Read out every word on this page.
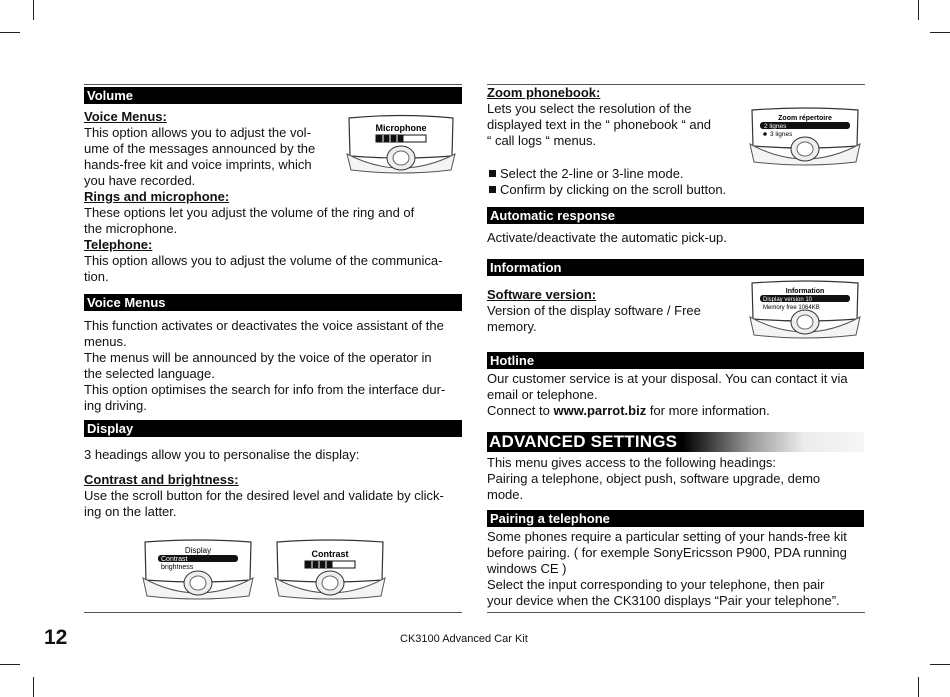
Volume

Voice Menus:

This option allows you to adjust the vol-

ume of the messages announced by the

hands-free kit and voice imprints, which

you have recorded.

Microphone

Rings and microphone:

These options let you adjust the volume of the ring and of

the microphone.

Telephone:

This option allows you to adjust the volume of the communica-

tion.

Voice Menus

This function activates or deactivates the voice assistant of the

menus.

The menus will be announced by the voice of the operator in

the selected language.

This option optimises the search for info from the interface dur-

ing driving.

Display

3 headings allow you to personalise the display:

Contrast and brightness:

Use the scroll button for the desired level and validate by click-

ing on the latter.

Display
Contrast
brightness
Contrast

Zoom phonebook:

Lets you select the resolution of the

displayed text in the “ phonebook “ and

“ call logs “ menus.

Zoom répertoire
2 lignes
3 lignes
Select the 2-line or 3-line mode.
Confirm by clicking on the scroll button.
Automatic response

Activate/deactivate the automatic pick-up.

Information

Software version:

Version of the display software / Free

memory.

Information
Display version 10
Memory free 1064KB
Hotline

Our customer service is at your disposal. You can contact it via

email or telephone.

Connect to www.parrot.biz for more information.

ADVANCED SETTINGS

This menu gives access to the following headings:

Pairing a telephone, object push, software upgrade, demo

mode.

Pairing a telephone

Some phones require a particular setting of your hands-free kit

before pairing. ( for exemple SonyEricsson P900, PDA running

windows CE )

Select the input corresponding to your telephone, then pair

your device when the CK3100 displays “Pair your telephone”.

12	CK3100 Advanced Car Kit
